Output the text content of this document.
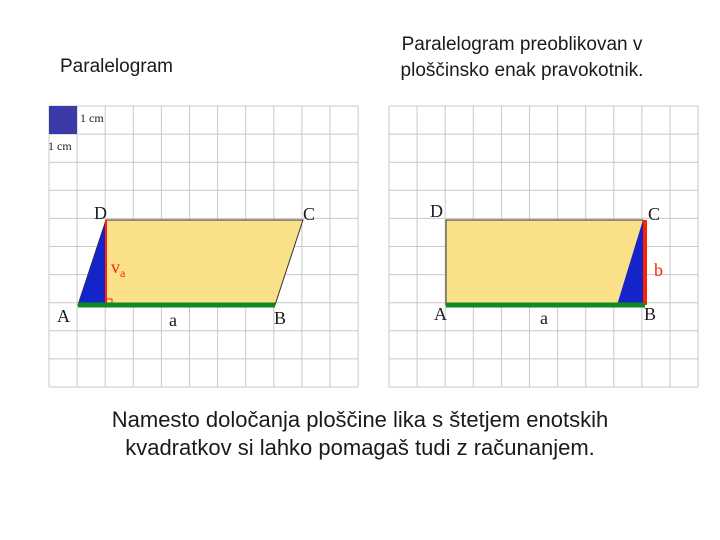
Paralelogram
Paralelogram preoblikovan v ploščinsko enak pravokotnik.
1 cm
1 cm
D	C
A	B
a
$v_a$
D	C
A	B
a
b
Namesto določanja ploščine lika s štetjem enotskih kvadratkov si lahko pomagaš tudi z računanjem.
